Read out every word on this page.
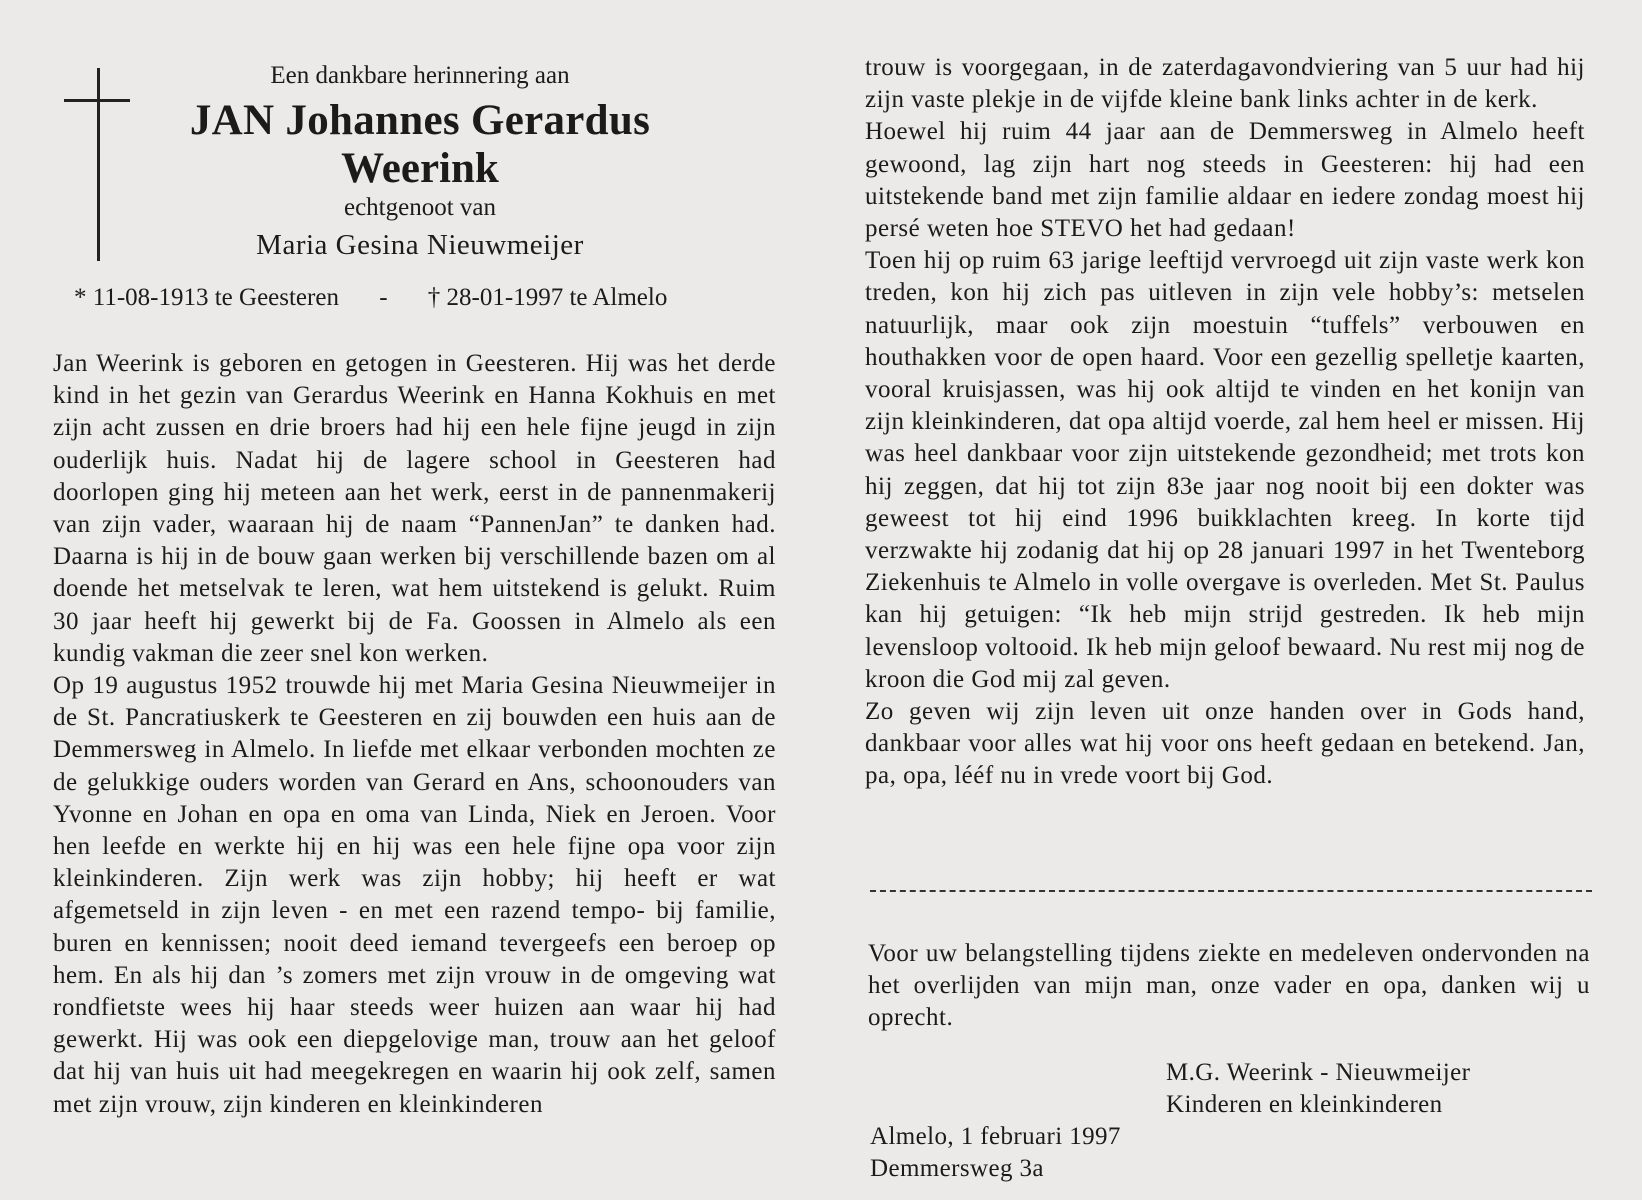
Een dankbare herinnering aan
JAN Johannes Gerardus
Weerink
echtgenoot van
Maria Gesina Nieuwmeijer
* 11-08-1913 te Geesteren - † 28-01-1997 te Almelo

Jan Weerink is geboren en getogen in Geesteren. Hij was het derde kind in het gezin van Gerardus Weerink en Hanna Kokhuis en met zijn acht zussen en drie broers had hij een hele fijne jeugd in zijn ouderlijk huis. Nadat hij de lagere school in Geesteren had doorlopen ging hij meteen aan het werk, eerst in de pannenmakerij van zijn vader, waaraan hij de naam “PannenJan” te danken had. Daarna is hij in de bouw gaan werken bij verschillende bazen om al doende het metselvak te leren, wat hem uitstekend is gelukt. Ruim 30 jaar heeft hij gewerkt bij de Fa. Goossen in Almelo als een kundig vakman die zeer snel kon werken.

Op 19 augustus 1952 trouwde hij met Maria Gesina Nieuwmeijer in de St. Pancratiuskerk te Geesteren en zij bouwden een huis aan de Demmersweg in Almelo. In liefde met elkaar verbonden mochten ze de gelukkige ouders worden van Gerard en Ans, schoonouders van Yvonne en Johan en opa en oma van Linda, Niek en Jeroen. Voor hen leefde en werkte hij en hij was een hele fijne opa voor zijn kleinkinderen. Zijn werk was zijn hobby; hij heeft er wat afgemetseld in zijn leven - en met een razend tempo- bij familie, buren en kennissen; nooit deed iemand tevergeefs een beroep op hem. En als hij dan ’s zomers met zijn vrouw in de omgeving wat rondfietste wees hij haar steeds weer huizen aan waar hij had gewerkt. Hij was ook een diepgelovige man, trouw aan het geloof dat hij van huis uit had meegekregen en waarin hij ook zelf, samen met zijn vrouw, zijn kinderen en kleinkinderen

trouw is voorgegaan, in de zaterdagavondviering van 5 uur had hij zijn vaste plekje in de vijfde kleine bank links achter in de kerk.

Hoewel hij ruim 44 jaar aan de Demmersweg in Almelo heeft gewoond, lag zijn hart nog steeds in Geesteren: hij had een uitstekende band met zijn familie aldaar en iedere zondag moest hij persé weten hoe STEVO het had gedaan!

Toen hij op ruim 63 jarige leeftijd vervroegd uit zijn vaste werk kon treden, kon hij zich pas uitleven in zijn vele hobby’s: metselen natuurlijk, maar ook zijn moestuin “tuffels” verbouwen en houthakken voor de open haard. Voor een gezellig spelletje kaarten, vooral kruisjassen, was hij ook altijd te vinden en het konijn van zijn kleinkinderen, dat opa altijd voerde, zal hem heel er missen. Hij was heel dankbaar voor zijn uitstekende gezondheid; met trots kon hij zeggen, dat hij tot zijn 83e jaar nog nooit bij een dokter was geweest tot hij eind 1996 buikklachten kreeg. In korte tijd verzwakte hij zodanig dat hij op 28 januari 1997 in het Twenteborg Ziekenhuis te Almelo in volle overgave is overleden. Met St. Paulus kan hij getuigen: “Ik heb mijn strijd gestreden. Ik heb mijn levensloop voltooid. Ik heb mijn geloof bewaard. Nu rest mij nog de kroon die God mij zal geven.

Zo geven wij zijn leven uit onze handen over in Gods hand, dankbaar voor alles wat hij voor ons heeft gedaan en betekend. Jan, pa, opa, lééf nu in vrede voort bij God.

Voor uw belangstelling tijdens ziekte en medeleven ondervonden na het overlijden van mijn man, onze vader en opa, danken wij u oprecht.
M.G. Weerink - Nieuwmeijer
Kinderen en kleinkinderen
Almelo, 1 februari 1997
Demmersweg 3a
